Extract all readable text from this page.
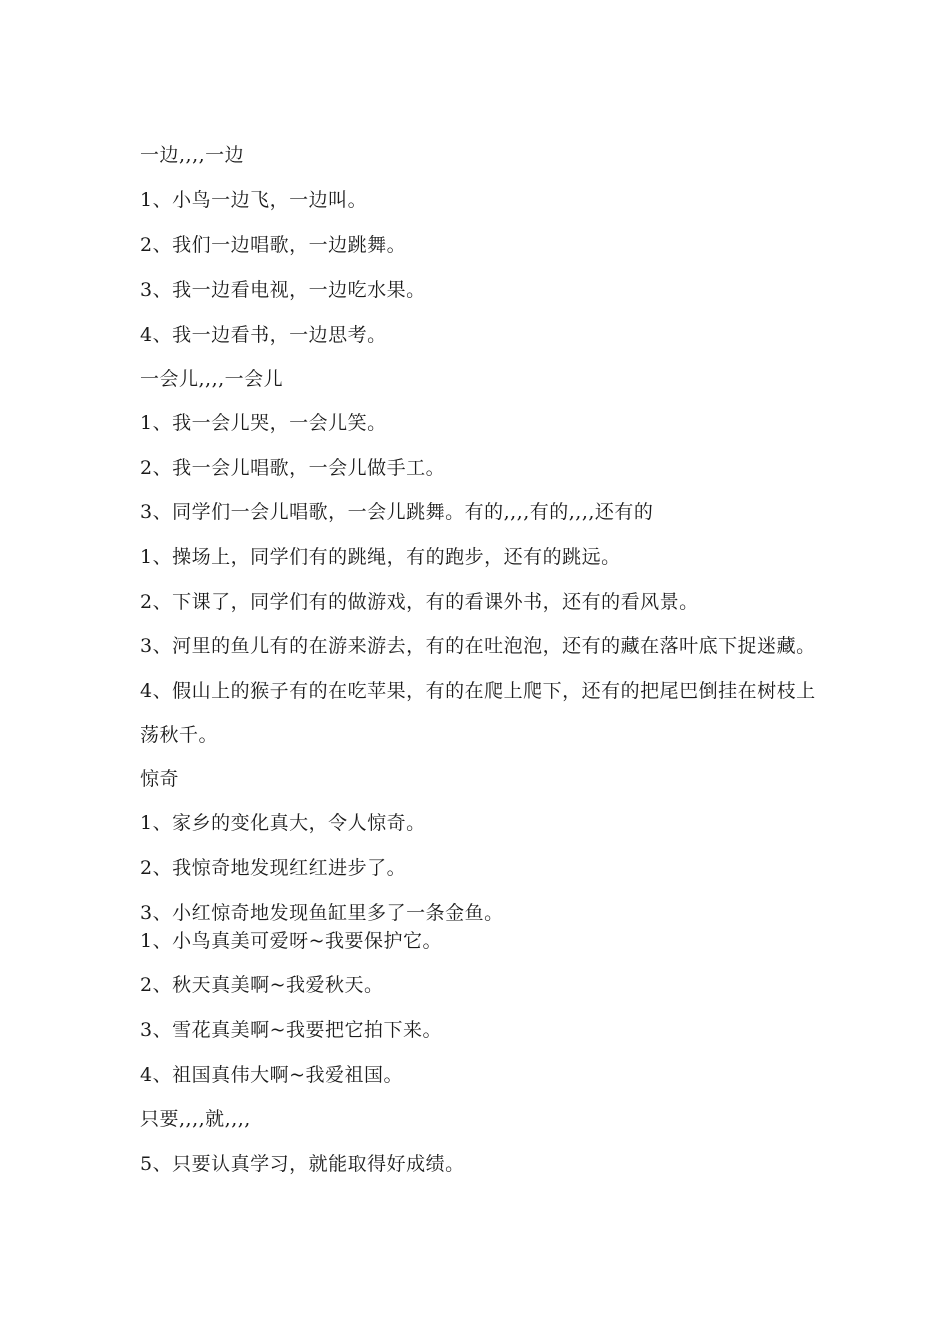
一边,,,,一边
1、小鸟一边飞，一边叫。
2、我们一边唱歌，一边跳舞。
3、我一边看电视，一边吃水果。
4、我一边看书，一边思考。
一会儿,,,,一会儿
1、我一会儿哭，一会儿笑。
2、我一会儿唱歌，一会儿做手工。
3、同学们一会儿唱歌，一会儿跳舞。有的,,,,有的,,,,还有的
1、操场上，同学们有的跳绳，有的跑步，还有的跳远。
2、下课了，同学们有的做游戏，有的看课外书，还有的看风景。
3、河里的鱼儿有的在游来游去，有的在吐泡泡，还有的藏在落叶底下捉迷藏。
4、假山上的猴子有的在吃苹果，有的在爬上爬下，还有的把尾巴倒挂在树枝上
荡秋千。
惊奇
1、家乡的变化真大，令人惊奇。
2、我惊奇地发现红红进步了。
3、小红惊奇地发现鱼缸里多了一条金鱼。
1、小鸟真美可爱呀~我要保护它。
2、秋天真美啊~我爱秋天。
3、雪花真美啊~我要把它拍下来。
4、祖国真伟大啊~我爱祖国。
只要,,,,就,,,,
5、只要认真学习，就能取得好成绩。
